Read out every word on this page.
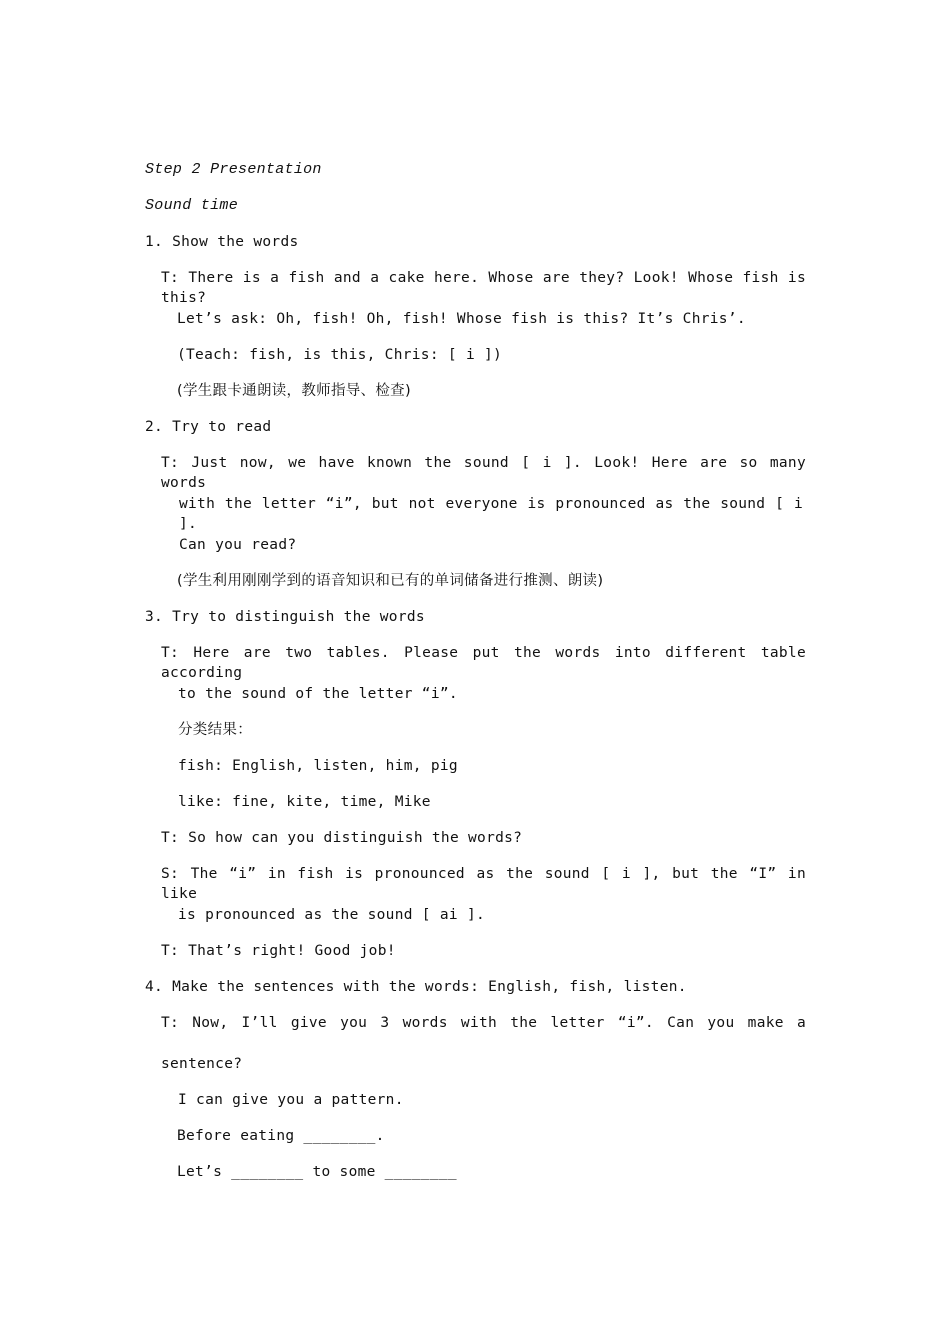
Step 2 Presentation
Sound time
1. Show the words
T: There is a fish and a cake here. Whose are they? Look! Whose fish is this?
Let’s ask: Oh, fish! Oh, fish! Whose fish is this? It’s Chris’.
(Teach: fish, is this, Chris: [ i ])
(学生跟卡通朗读，教师指导、检查)
2. Try to read
T: Just now, we have known the sound [ i ]. Look! Here are so many words
with the letter “i”, but not everyone is pronounced as the sound [ i ].
Can you read?
(学生利用刚刚学到的语音知识和已有的单词储备进行推测、朗读)
3. Try to distinguish the words
T: Here are two tables. Please put the words into different table according
to the sound of the letter “i”.
分类结果：
fish: English, listen, him, pig
like: fine, kite, time, Mike
T: So how can you distinguish the words?
S: The “i” in fish is pronounced as the sound [ i ], but the “I” in like
is pronounced as the sound [ ai ].
T: That’s right! Good job!
4. Make the sentences with the words: English, fish, listen.
T: Now, I’ll give you 3 words with the letter “i”. Can you make a
sentence?
I can give you a pattern.
Before eating ________.
Let’s ________ to some ________
